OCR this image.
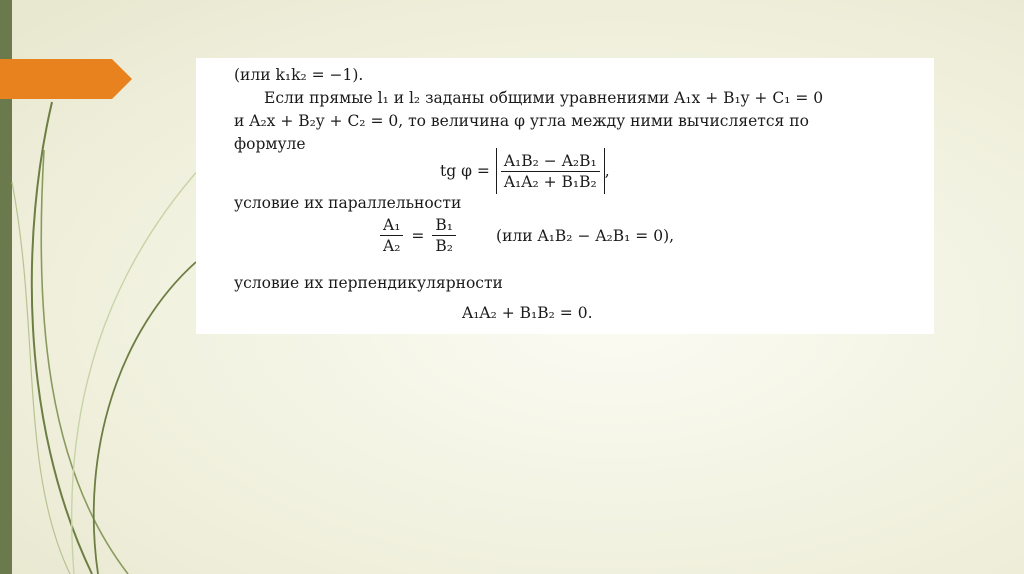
(или k₁k₂ = −1).
Если прямые l₁ и l₂ заданы общими уравнениями A₁x + B₁y + C₁ = 0
и A₂x + B₂y + C₂ = 0, то величина φ угла между ними вычисляется по
формуле
tg $\varphi = \frac{\text{A₁B₂ − A₂B₁}}{\text{A₁A₂ + B₁B₂}}$ ,
условие их параллельности
$\frac{\text{A₁}}{\text{A₂}} = \frac{\text{B₁}}{\text{B₂}}$	(или A₁B₂ − A₂B₁ = 0),
условие их перпендикулярности
A₁A₂ + B₁B₂ = 0.
